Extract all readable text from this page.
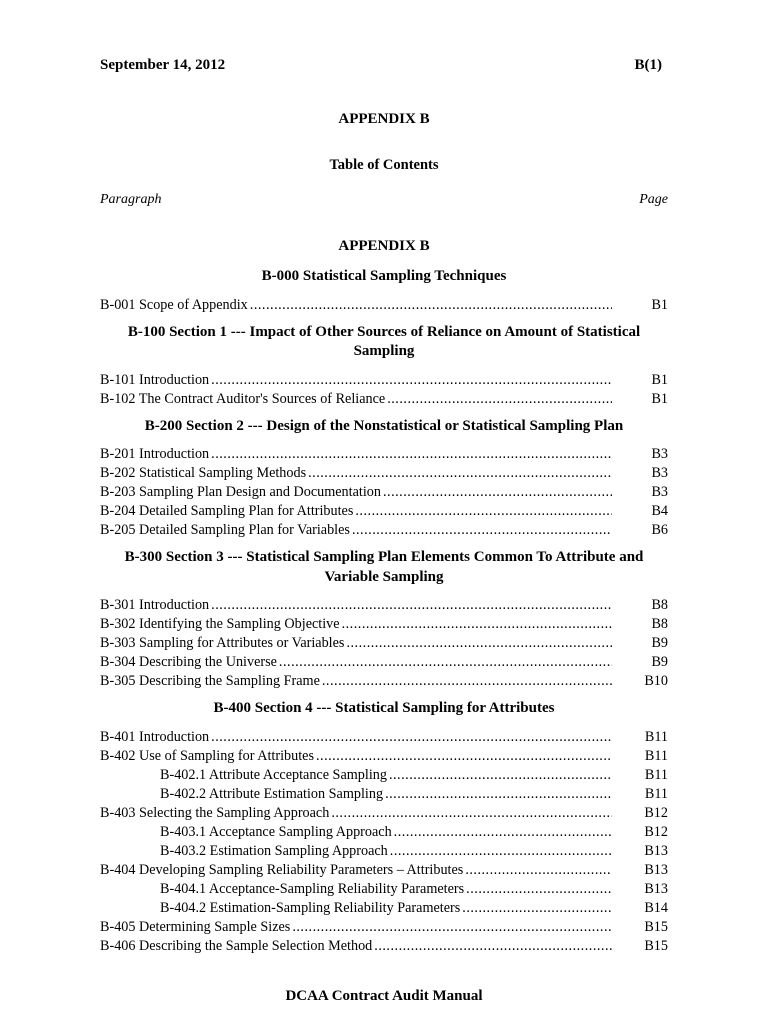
September 14, 2012	B(1)
APPENDIX B
Table of Contents
Paragraph	Page
APPENDIX B
B-000 Statistical Sampling Techniques
B-001 Scope of Appendix .....	B1
B-100 Section 1 --- Impact of Other Sources of Reliance on Amount of Statistical Sampling
B-101 Introduction .....	B1
B-102 The Contract Auditor's Sources of Reliance .....	B1
B-200 Section 2 --- Design of the Nonstatistical or Statistical Sampling Plan
B-201 Introduction .....	B3
B-202 Statistical Sampling Methods .....	B3
B-203 Sampling Plan Design and Documentation .....	B3
B-204 Detailed Sampling Plan for Attributes .....	B4
B-205 Detailed Sampling Plan for Variables .....	B6
B-300 Section 3 --- Statistical Sampling Plan Elements Common To Attribute and Variable Sampling
B-301 Introduction .....	B8
B-302 Identifying the Sampling Objective .....	B8
B-303 Sampling for Attributes or Variables .....	B9
B-304 Describing the Universe .....	B9
B-305 Describing the Sampling Frame .....	B10
B-400 Section 4 --- Statistical Sampling for Attributes
B-401 Introduction .....	B11
B-402 Use of Sampling for Attributes .....	B11
B-402.1 Attribute Acceptance Sampling .....	B11
B-402.2 Attribute Estimation Sampling .....	B11
B-403 Selecting the Sampling Approach .....	B12
B-403.1 Acceptance Sampling Approach .....	B12
B-403.2 Estimation Sampling Approach .....	B13
B-404 Developing Sampling Reliability Parameters – Attributes .....	B13
B-404.1 Acceptance-Sampling Reliability Parameters .....	B13
B-404.2 Estimation-Sampling Reliability Parameters .....	B14
B-405 Determining Sample Sizes .....	B15
B-406 Describing the Sample Selection Method .....	B15
DCAA Contract Audit Manual
